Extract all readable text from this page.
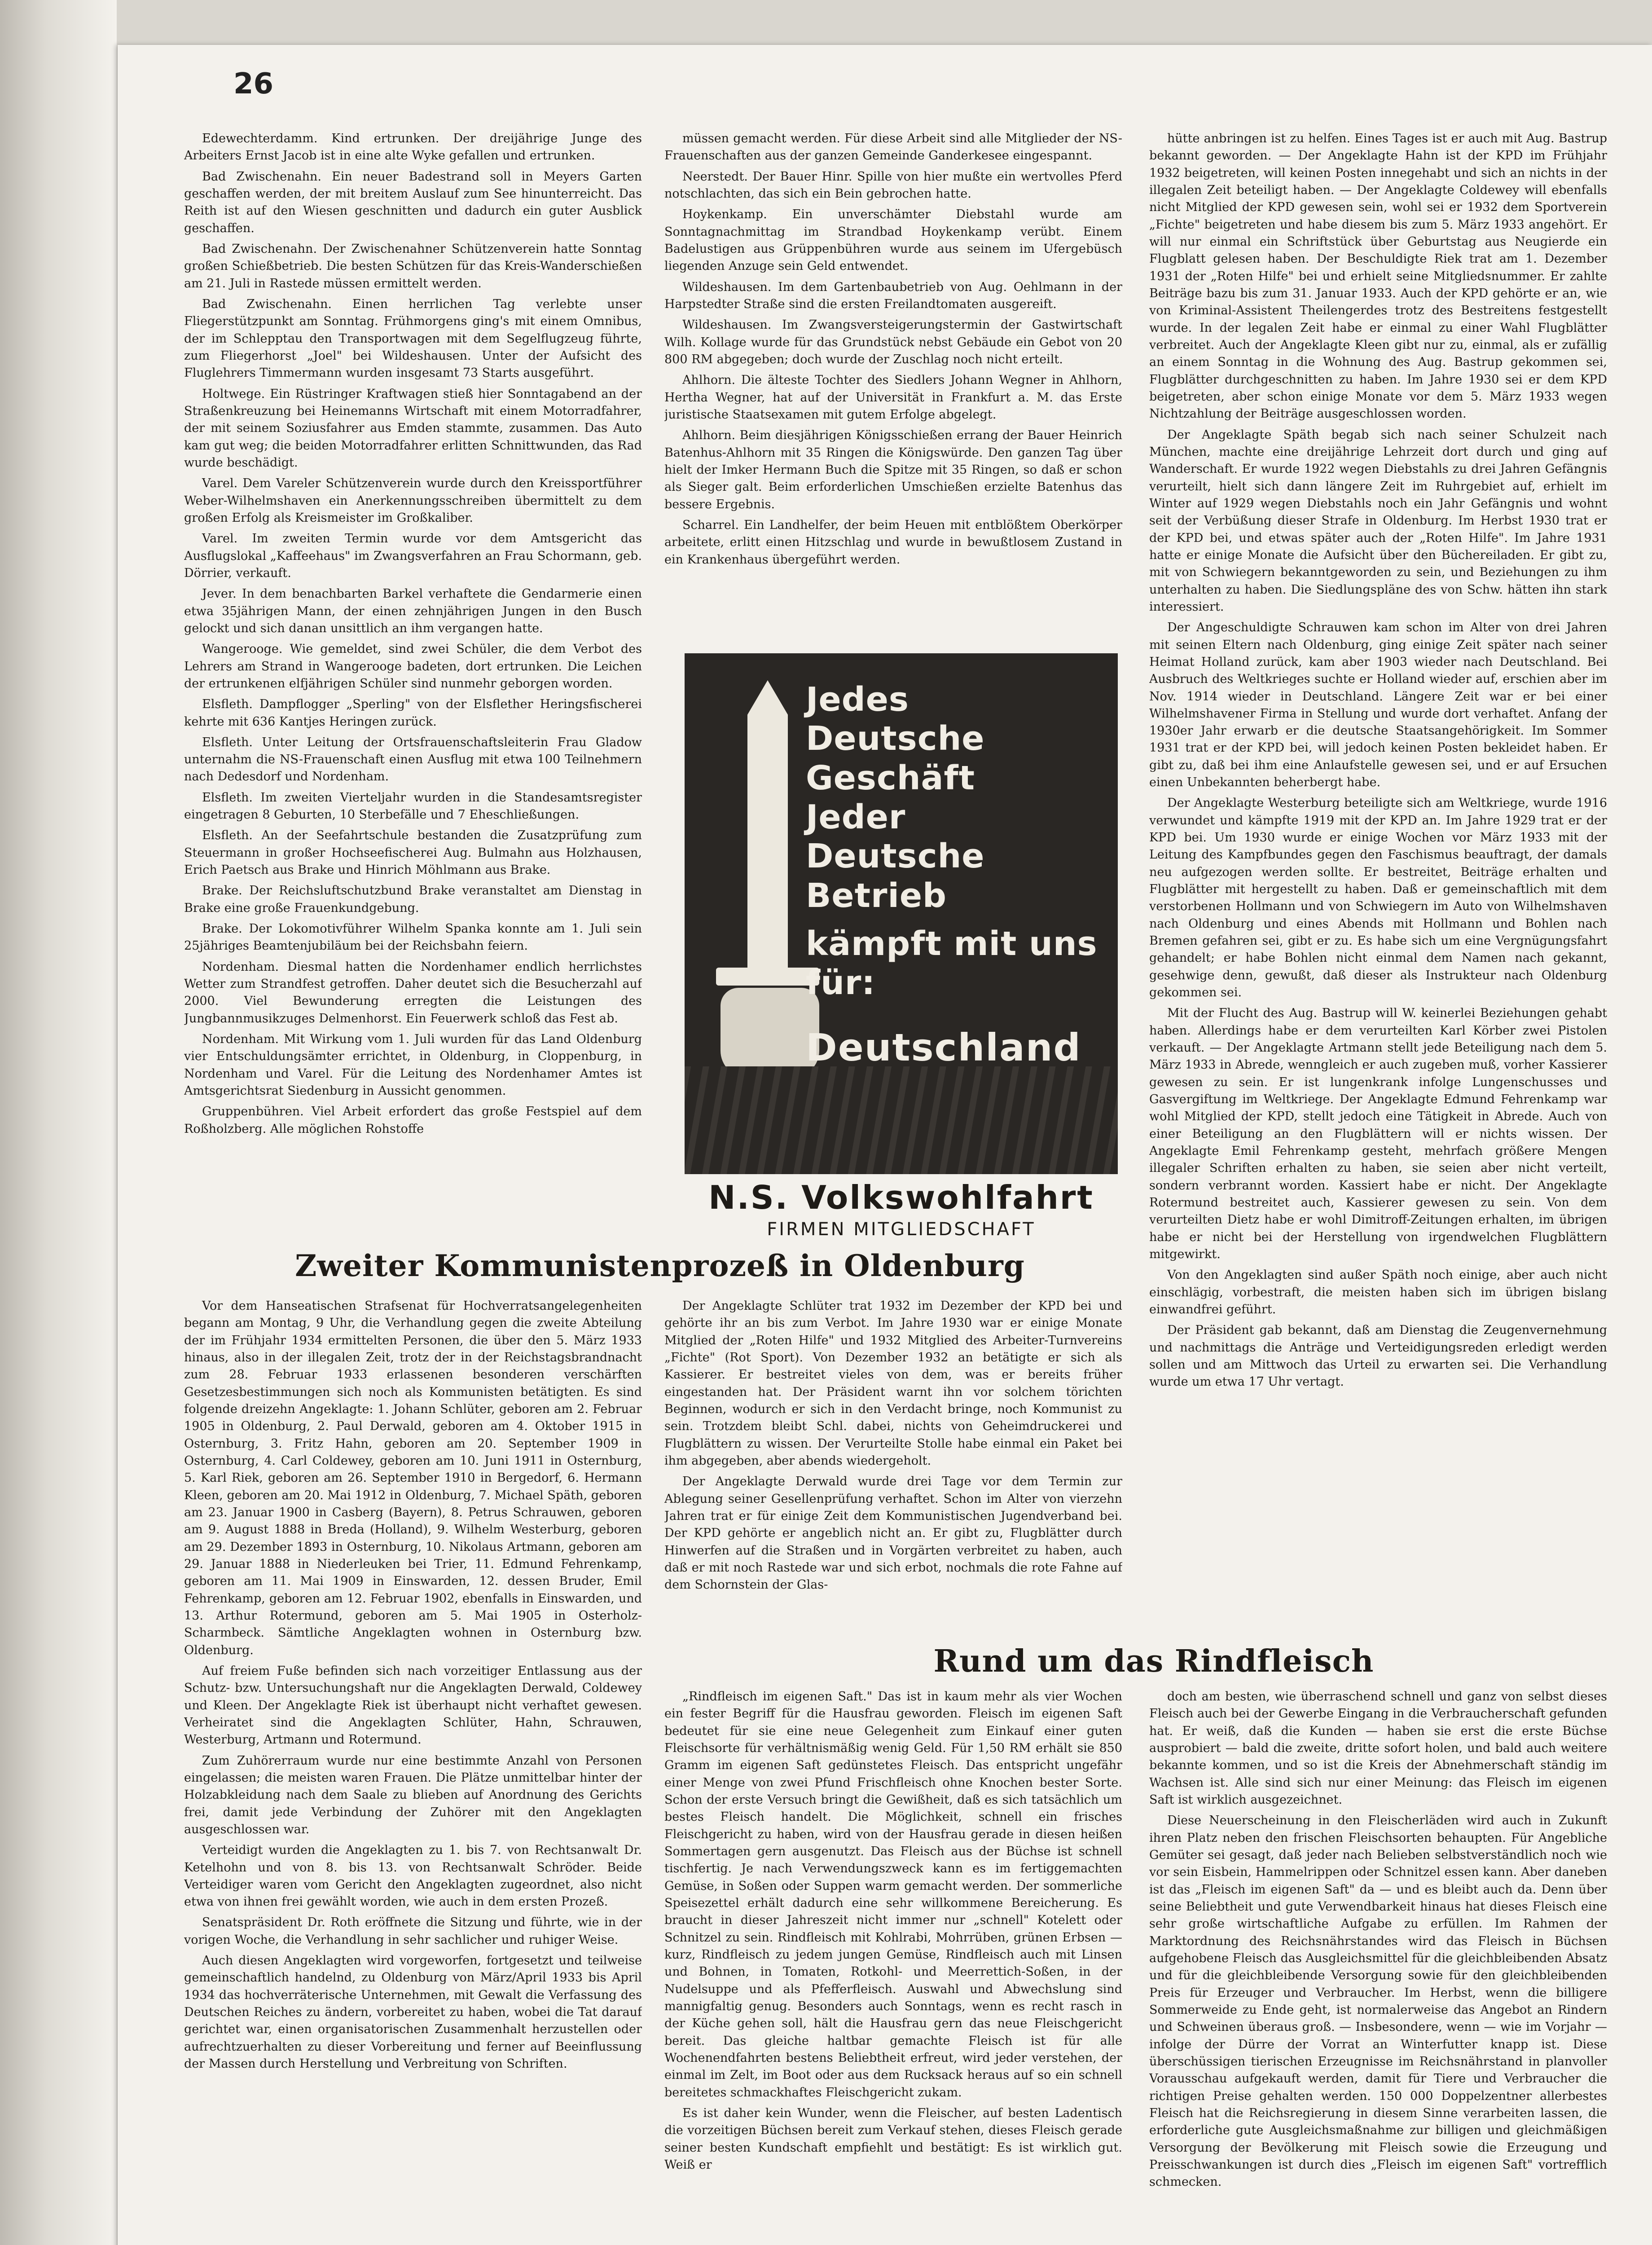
26

Edewechterdamm. Kind ertrunken. Der dreijährige Junge des Arbeiters Ernst Jacob ist in eine alte Wyke gefallen und ertrunken.

Bad Zwischenahn. Ein neuer Badestrand soll in Meyers Garten geschaffen werden, der mit breitem Auslauf zum See hinunterreicht. Das Reith ist auf den Wiesen geschnitten und dadurch ein guter Ausblick geschaffen.

Bad Zwischenahn. Der Zwischenahner Schützenverein hatte Sonntag großen Schießbetrieb. Die besten Schützen für das Kreis-Wanderschießen am 21. Juli in Rastede müssen ermittelt werden.

Bad Zwischenahn. Einen herrlichen Tag verlebte unser Fliegerstützpunkt am Sonntag. Frühmorgens ging's mit einem Omnibus, der im Schlepptau den Transportwagen mit dem Segelflugzeug führte, zum Fliegerhorst „Joel" bei Wildeshausen. Unter der Aufsicht des Fluglehrers Timmermann wurden insgesamt 73 Starts ausgeführt.

Holtwege. Ein Rüstringer Kraftwagen stieß hier Sonntagabend an der Straßenkreuzung bei Heinemanns Wirtschaft mit einem Motorradfahrer, der mit seinem Soziusfahrer aus Emden stammte, zusammen. Das Auto kam gut weg; die beiden Motorradfahrer erlitten Schnittwunden, das Rad wurde beschädigt.

Varel. Dem Vareler Schützenverein wurde durch den Kreissportführer Weber-Wilhelmshaven ein Anerkennungsschreiben übermittelt zu dem großen Erfolg als Kreismeister im Großkaliber.

Varel. Im zweiten Termin wurde vor dem Amtsgericht das Ausflugslokal „Kaffeehaus" im Zwangsverfahren an Frau Schormann, geb. Dörrier, verkauft.

Jever. In dem benachbarten Barkel verhaftete die Gendarmerie einen etwa 35jährigen Mann, der einen zehnjährigen Jungen in den Busch gelockt und sich danan unsittlich an ihm vergangen hatte.

Wangerooge. Wie gemeldet, sind zwei Schüler, die dem Verbot des Lehrers am Strand in Wangerooge badeten, dort ertrunken. Die Leichen der ertrunkenen elfjährigen Schüler sind nunmehr geborgen worden.

Elsfleth. Dampflogger „Sperling" von der Elsflether Heringsfischerei kehrte mit 636 Kantjes Heringen zurück.

Elsfleth. Unter Leitung der Ortsfrauenschaftsleiterin Frau Gladow unternahm die NS-Frauenschaft einen Ausflug mit etwa 100 Teilnehmern nach Dedesdorf und Nordenham.

Elsfleth. Im zweiten Vierteljahr wurden in die Standesamtsregister eingetragen 8 Geburten, 10 Sterbefälle und 7 Eheschließungen.

Elsfleth. An der Seefahrtschule bestanden die Zusatzprüfung zum Steuermann in großer Hochseefischerei Aug. Bulmahn aus Holzhausen, Erich Paetsch aus Brake und Hinrich Möhlmann aus Brake.

Brake. Der Reichsluftschutzbund Brake veranstaltet am Dienstag in Brake eine große Frauenkundgebung.

Brake. Der Lokomotivführer Wilhelm Spanka konnte am 1. Juli sein 25jähriges Beamtenjubiläum bei der Reichsbahn feiern.

Nordenham. Diesmal hatten die Nordenhamer endlich herrlichstes Wetter zum Strandfest getroffen. Daher deutet sich die Besucherzahl auf 2000. Viel Bewunderung erregten die Leistungen des Jungbannmusikzuges Delmenhorst. Ein Feuerwerk schloß das Fest ab.

Nordenham. Mit Wirkung vom 1. Juli wurden für das Land Oldenburg vier Entschuldungsämter errichtet, in Oldenburg, in Cloppenburg, in Nordenham und Varel. Für die Leitung des Nordenhamer Amtes ist Amtsgerichtsrat Siedenburg in Aussicht genommen.

Gruppenbühren. Viel Arbeit erfordert das große Festspiel auf dem Roßholzberg. Alle möglichen Rohstoffe

müssen gemacht werden. Für diese Arbeit sind alle Mitglieder der NS-Frauenschaften aus der ganzen Gemeinde Ganderkesee eingespannt.

Neerstedt. Der Bauer Hinr. Spille von hier mußte ein wertvolles Pferd notschlachten, das sich ein Bein gebrochen hatte.

Hoykenkamp. Ein unverschämter Diebstahl wurde am Sonntagnachmittag im Strandbad Hoykenkamp verübt. Einem Badelustigen aus Grüppenbühren wurde aus seinem im Ufergebüsch liegenden Anzuge sein Geld entwendet.

Wildeshausen. Im dem Gartenbaubetrieb von Aug. Oehlmann in der Harpstedter Straße sind die ersten Freilandtomaten ausgereift.

Wildeshausen. Im Zwangsversteigerungstermin der Gastwirtschaft Wilh. Kollage wurde für das Grundstück nebst Gebäude ein Gebot von 20 800 RM abgegeben; doch wurde der Zuschlag noch nicht erteilt.

Ahlhorn. Die älteste Tochter des Siedlers Johann Wegner in Ahlhorn, Hertha Wegner, hat auf der Universität in Frankfurt a. M. das Erste juristische Staatsexamen mit gutem Erfolge abgelegt.

Ahlhorn. Beim diesjährigen Königsschießen errang der Bauer Heinrich Batenhus-Ahlhorn mit 35 Ringen die Königswürde. Den ganzen Tag über hielt der Imker Hermann Buch die Spitze mit 35 Ringen, so daß er schon als Sieger galt. Beim erforderlichen Umschießen erzielte Batenhus das bessere Ergebnis.

Scharrel. Ein Landhelfer, der beim Heuen mit entblößtem Oberkörper arbeitete, erlitt einen Hitzschlag und wurde in bewußtlosem Zustand in ein Krankenhaus übergeführt werden.

hütte anbringen ist zu helfen. Eines Tages ist er auch mit Aug. Bastrup bekannt geworden. — Der Angeklagte Hahn ist der KPD im Frühjahr 1932 beigetreten, will keinen Posten innegehabt und sich an nichts in der illegalen Zeit beteiligt haben. — Der Angeklagte Coldewey will ebenfalls nicht Mitglied der KPD gewesen sein, wohl sei er 1932 dem Sportverein „Fichte" beigetreten und habe diesem bis zum 5. März 1933 angehört. Er will nur einmal ein Schriftstück über Geburtstag aus Neugierde ein Flugblatt gelesen haben. Der Beschuldigte Riek trat am 1. Dezember 1931 der „Roten Hilfe" bei und erhielt seine Mitgliedsnummer. Er zahlte Beiträge bazu bis zum 31. Januar 1933. Auch der KPD gehörte er an, wie von Kriminal-Assistent Theilengerdes trotz des Bestreitens festgestellt wurde. In der legalen Zeit habe er einmal zu einer Wahl Flugblätter verbreitet. Auch der Angeklagte Kleen gibt nur zu, einmal, als er zufällig an einem Sonntag in die Wohnung des Aug. Bastrup gekommen sei, Flugblätter durchgeschnitten zu haben. Im Jahre 1930 sei er dem KPD beigetreten, aber schon einige Monate vor dem 5. März 1933 wegen Nichtzahlung der Beiträge ausgeschlossen worden.

Der Angeklagte Späth begab sich nach seiner Schulzeit nach München, machte eine dreijährige Lehrzeit dort durch und ging auf Wanderschaft. Er wurde 1922 wegen Diebstahls zu drei Jahren Gefängnis verurteilt, hielt sich dann längere Zeit im Ruhrgebiet auf, erhielt im Winter auf 1929 wegen Diebstahls noch ein Jahr Gefängnis und wohnt seit der Verbüßung dieser Strafe in Oldenburg. Im Herbst 1930 trat er der KPD bei, und etwas später auch der „Roten Hilfe". Im Jahre 1931 hatte er einige Monate die Aufsicht über den Büchereiladen. Er gibt zu, mit von Schwiegern bekanntgeworden zu sein, und Beziehungen zu ihm unterhalten zu haben. Die Siedlungspläne des von Schw. hätten ihn stark interessiert.

Der Angeschuldigte Schrauwen kam schon im Alter von drei Jahren mit seinen Eltern nach Oldenburg, ging einige Zeit später nach seiner Heimat Holland zurück, kam aber 1903 wieder nach Deutschland. Bei Ausbruch des Weltkrieges suchte er Holland wieder auf, erschien aber im Nov. 1914 wieder in Deutschland. Längere Zeit war er bei einer Wilhelmshavener Firma in Stellung und wurde dort verhaftet. Anfang der 1930er Jahr erwarb er die deutsche Staatsangehörigkeit. Im Sommer 1931 trat er der KPD bei, will jedoch keinen Posten bekleidet haben. Er gibt zu, daß bei ihm eine Anlaufstelle gewesen sei, und er auf Ersuchen einen Unbekannten beherbergt habe.

Der Angeklagte Westerburg beteiligte sich am Weltkriege, wurde 1916 verwundet und kämpfte 1919 mit der KPD an. Im Jahre 1929 trat er der KPD bei. Um 1930 wurde er einige Wochen vor März 1933 mit der Leitung des Kampfbundes gegen den Faschismus beauftragt, der damals neu aufgezogen werden sollte. Er bestreitet, Beiträge erhalten und Flugblätter mit hergestellt zu haben. Daß er gemeinschaftlich mit dem verstorbenen Hollmann und von Schwiegern im Auto von Wilhelmshaven nach Oldenburg und eines Abends mit Hollmann und Bohlen nach Bremen gefahren sei, gibt er zu. Es habe sich um eine Vergnügungsfahrt gehandelt; er habe Bohlen nicht einmal dem Namen nach gekannt, gesehwige denn, gewußt, daß dieser als Instrukteur nach Oldenburg gekommen sei.

Mit der Flucht des Aug. Bastrup will W. keinerlei Beziehungen gehabt haben. Allerdings habe er dem verurteilten Karl Körber zwei Pistolen verkauft. — Der Angeklagte Artmann stellt jede Beteiligung nach dem 5. März 1933 in Abrede, wenngleich er auch zugeben muß, vorher Kassierer gewesen zu sein. Er ist lungenkrank infolge Lungenschusses und Gasvergiftung im Weltkriege. Der Angeklagte Edmund Fehrenkamp war wohl Mitglied der KPD, stellt jedoch eine Tätigkeit in Abrede. Auch von einer Beteiligung an den Flugblättern will er nichts wissen. Der Angeklagte Emil Fehrenkamp gesteht, mehrfach größere Mengen illegaler Schriften erhalten zu haben, sie seien aber nicht verteilt, sondern verbrannt worden. Kassiert habe er nicht. Der Angeklagte Rotermund bestreitet auch, Kassierer gewesen zu sein. Von dem verurteilten Dietz habe er wohl Dimitroff-Zeitungen erhalten, im übrigen habe er nicht bei der Herstellung von irgendwelchen Flugblättern mitgewirkt.

Von den Angeklagten sind außer Späth noch einige, aber auch nicht einschlägig, vorbestraft, die meisten haben sich im übrigen bislang einwandfrei geführt.

Der Präsident gab bekannt, daß am Dienstag die Zeugenvernehmung und nachmittags die Anträge und Verteidigungsreden erledigt werden sollen und am Mittwoch das Urteil zu erwarten sei. Die Verhandlung wurde um etwa 17 Uhr vertagt.

Jedes
Deutsche Geschäft
Jeder
Deutsche Betrieb
kämpft mit uns
für:
Deutschland

N.S. Volkswohlfahrt

FIRMEN MITGLIEDSCHAFT

Zweiter Kommunistenprozeß in Oldenburg

Vor dem Hanseatischen Strafsenat für Hochverratsangelegenheiten begann am Montag, 9 Uhr, die Verhandlung gegen die zweite Abteilung der im Frühjahr 1934 ermittelten Personen, die über den 5. März 1933 hinaus, also in der illegalen Zeit, trotz der in der Reichstagsbrandnacht zum 28. Februar 1933 erlassenen besonderen verschärften Gesetzesbestimmungen sich noch als Kommunisten betätigten. Es sind folgende dreizehn Angeklagte: 1. Johann Schlüter, geboren am 2. Februar 1905 in Oldenburg, 2. Paul Derwald, geboren am 4. Oktober 1915 in Osternburg, 3. Fritz Hahn, geboren am 20. September 1909 in Osternburg, 4. Carl Coldewey, geboren am 10. Juni 1911 in Osternburg, 5. Karl Riek, geboren am 26. September 1910 in Bergedorf, 6. Hermann Kleen, geboren am 20. Mai 1912 in Oldenburg, 7. Michael Späth, geboren am 23. Januar 1900 in Casberg (Bayern), 8. Petrus Schrauwen, geboren am 9. August 1888 in Breda (Holland), 9. Wilhelm Westerburg, geboren am 29. Dezember 1893 in Osternburg, 10. Nikolaus Artmann, geboren am 29. Januar 1888 in Niederleuken bei Trier, 11. Edmund Fehrenkamp, geboren am 11. Mai 1909 in Einswarden, 12. dessen Bruder, Emil Fehrenkamp, geboren am 12. Februar 1902, ebenfalls in Einswarden, und 13. Arthur Rotermund, geboren am 5. Mai 1905 in Osterholz-Scharmbeck. Sämtliche Angeklagten wohnen in Osternburg bzw. Oldenburg.

Auf freiem Fuße befinden sich nach vorzeitiger Entlassung aus der Schutz- bzw. Untersuchungshaft nur die Angeklagten Derwald, Coldewey und Kleen. Der Angeklagte Riek ist überhaupt nicht verhaftet gewesen. Verheiratet sind die Angeklagten Schlüter, Hahn, Schrauwen, Westerburg, Artmann und Rotermund.

Zum Zuhörerraum wurde nur eine bestimmte Anzahl von Personen eingelassen; die meisten waren Frauen. Die Plätze unmittelbar hinter der Holzabkleidung nach dem Saale zu blieben auf Anordnung des Gerichts frei, damit jede Verbindung der Zuhörer mit den Angeklagten ausgeschlossen war.

Verteidigt wurden die Angeklagten zu 1. bis 7. von Rechtsanwalt Dr. Ketelhohn und von 8. bis 13. von Rechtsanwalt Schröder. Beide Verteidiger waren vom Gericht den Angeklagten zugeordnet, also nicht etwa von ihnen frei gewählt worden, wie auch in dem ersten Prozeß.

Senatspräsident Dr. Roth eröffnete die Sitzung und führte, wie in der vorigen Woche, die Verhandlung in sehr sachlicher und ruhiger Weise.

Auch diesen Angeklagten wird vorgeworfen, fortgesetzt und teilweise gemeinschaftlich handelnd, zu Oldenburg von März/April 1933 bis April 1934 das hochverräterische Unternehmen, mit Gewalt die Verfassung des Deutschen Reiches zu ändern, vorbereitet zu haben, wobei die Tat darauf gerichtet war, einen organisatorischen Zusammenhalt herzustellen oder aufrechtzuerhalten zu dieser Vorbereitung und ferner auf Beeinflussung der Massen durch Herstellung und Verbreitung von Schriften.

Der Angeklagte Schlüter trat 1932 im Dezember der KPD bei und gehörte ihr an bis zum Verbot. Im Jahre 1930 war er einige Monate Mitglied der „Roten Hilfe" und 1932 Mitglied des Arbeiter-Turnvereins „Fichte" (Rot Sport). Von Dezember 1932 an betätigte er sich als Kassierer. Er bestreitet vieles von dem, was er bereits früher eingestanden hat. Der Präsident warnt ihn vor solchem törichten Beginnen, wodurch er sich in den Verdacht bringe, noch Kommunist zu sein. Trotzdem bleibt Schl. dabei, nichts von Geheimdruckerei und Flugblättern zu wissen. Der Verurteilte Stolle habe einmal ein Paket bei ihm abgegeben, aber abends wiedergeholt.

Der Angeklagte Derwald wurde drei Tage vor dem Termin zur Ablegung seiner Gesellenprüfung verhaftet. Schon im Alter von vierzehn Jahren trat er für einige Zeit dem Kommunistischen Jugendverband bei. Der KPD gehörte er angeblich nicht an. Er gibt zu, Flugblätter durch Hinwerfen auf die Straßen und in Vorgärten verbreitet zu haben, auch daß er mit noch Rastede war und sich erbot, nochmals die rote Fahne auf dem Schornstein der Glas-

Rund um das Rindfleisch

„Rindfleisch im eigenen Saft." Das ist in kaum mehr als vier Wochen ein fester Begriff für die Hausfrau geworden. Fleisch im eigenen Saft bedeutet für sie eine neue Gelegenheit zum Einkauf einer guten Fleischsorte für verhältnismäßig wenig Geld. Für 1,50 RM erhält sie 850 Gramm im eigenen Saft gedünstetes Fleisch. Das entspricht ungefähr einer Menge von zwei Pfund Frischfleisch ohne Knochen bester Sorte. Schon der erste Versuch bringt die Gewißheit, daß es sich tatsächlich um bestes Fleisch handelt. Die Möglichkeit, schnell ein frisches Fleischgericht zu haben, wird von der Hausfrau gerade in diesen heißen Sommertagen gern ausgenutzt. Das Fleisch aus der Büchse ist schnell tischfertig. Je nach Verwendungszweck kann es im fertiggemachten Gemüse, in Soßen oder Suppen warm gemacht werden. Der sommerliche Speisezettel erhält dadurch eine sehr willkommene Bereicherung. Es braucht in dieser Jahreszeit nicht immer nur „schnell" Kotelett oder Schnitzel zu sein. Rindfleisch mit Kohlrabi, Mohrrüben, grünen Erbsen — kurz, Rindfleisch zu jedem jungen Gemüse, Rindfleisch auch mit Linsen und Bohnen, in Tomaten, Rotkohl- und Meerrettich-Soßen, in der Nudelsuppe und als Pfefferfleisch. Auswahl und Abwechslung sind mannigfaltig genug. Besonders auch Sonntags, wenn es recht rasch in der Küche gehen soll, hält die Hausfrau gern das neue Fleischgericht bereit. Das gleiche haltbar gemachte Fleisch ist für alle Wochenendfahrten bestens Beliebtheit erfreut, wird jeder verstehen, der einmal im Zelt, im Boot oder aus dem Rucksack heraus auf so ein schnell bereitetes schmackhaftes Fleischgericht zukam.

Es ist daher kein Wunder, wenn die Fleischer, auf besten Ladentisch die vorzeitigen Büchsen bereit zum Verkauf stehen, dieses Fleisch gerade seiner besten Kundschaft empfiehlt und bestätigt: Es ist wirklich gut. Weiß er

doch am besten, wie überraschend schnell und ganz von selbst dieses Fleisch auch bei der Gewerbe Eingang in die Verbraucherschaft gefunden hat. Er weiß, daß die Kunden — haben sie erst die erste Büchse ausprobiert — bald die zweite, dritte sofort holen, und bald auch weitere bekannte kommen, und so ist die Kreis der Abnehmerschaft ständig im Wachsen ist. Alle sind sich nur einer Meinung: das Fleisch im eigenen Saft ist wirklich ausgezeichnet.

Diese Neuerscheinung in den Fleischerläden wird auch in Zukunft ihren Platz neben den frischen Fleischsorten behaupten. Für Angebliche Gemüter sei gesagt, daß jeder nach Belieben selbstverständlich noch wie vor sein Eisbein, Hammelrippen oder Schnitzel essen kann. Aber daneben ist das „Fleisch im eigenen Saft" da — und es bleibt auch da. Denn über seine Beliebtheit und gute Verwendbarkeit hinaus hat dieses Fleisch eine sehr große wirtschaftliche Aufgabe zu erfüllen. Im Rahmen der Marktordnung des Reichsnährstandes wird das Fleisch in Büchsen aufgehobene Fleisch das Ausgleichsmittel für die gleichbleibenden Absatz und für die gleichbleibende Versorgung sowie für den gleichbleibenden Preis für Erzeuger und Verbraucher. Im Herbst, wenn die billigere Sommerweide zu Ende geht, ist normalerweise das Angebot an Rindern und Schweinen überaus groß. — Insbesondere, wenn — wie im Vorjahr — infolge der Dürre der Vorrat an Winterfutter knapp ist. Diese überschüssigen tierischen Erzeugnisse im Reichsnährstand in planvoller Vorausschau aufgekauft werden, damit für Tiere und Verbraucher die richtigen Preise gehalten werden. 150 000 Doppelzentner allerbestes Fleisch hat die Reichsregierung in diesem Sinne verarbeiten lassen, die erforderliche gute Ausgleichsmaßnahme zur billigen und gleichmäßigen Versorgung der Bevölkerung mit Fleisch sowie die Erzeugung und Preisschwankungen ist durch dies „Fleisch im eigenen Saft" vortrefflich schmecken.
